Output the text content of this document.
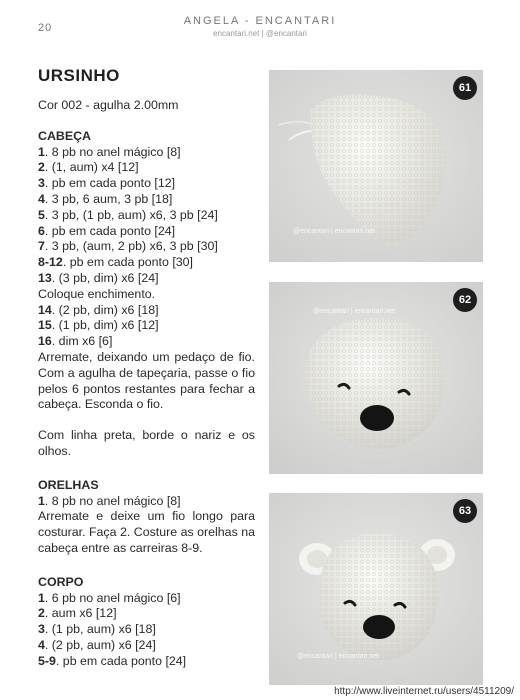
20
ANGELA - ENCANTARI
encantari.net | @encantari
URSINHO
Cor 002 - agulha 2.00mm
CABEÇA
1. 8 pb no anel mágico [8]
2. (1, aum) x4 [12]
3. pb em cada ponto [12]
4. 3 pb, 6 aum, 3 pb [18]
5. 3 pb, (1 pb, aum) x6, 3 pb [24]
6. pb em cada ponto [24]
7. 3 pb, (aum, 2 pb) x6, 3 pb [30]
8-12. pb em cada ponto [30]
13. (3 pb, dim) x6 [24]
Coloque enchimento.
14. (2 pb, dim) x6 [18]
15. (1 pb, dim) x6 [12]
16. dim x6 [6]
Arremate, deixando um pedaço de fio. Com a agulha de tapeçaria, passe o fio pelos 6 pontos restantes para fechar a cabeça. Esconda o fio.
Com linha preta, borde o nariz e os olhos.
ORELHAS
1. 8 pb no anel mágico [8]
Arremate e deixe um fio longo para costurar. Faça 2. Costure as orelhas na cabeça entre as carreiras 8-9.
CORPO
1. 6 pb no anel mágico [6]
2. aum x6 [12]
3. (1 pb, aum) x6 [18]
4. (2 pb, aum) x6 [24]
5-9. pb em cada ponto [24]
61
@encantari | encantari.net
62
@encantari | encantari.net
63
@encantari | encantari.net
http://www.liveinternet.ru/users/4511209/
